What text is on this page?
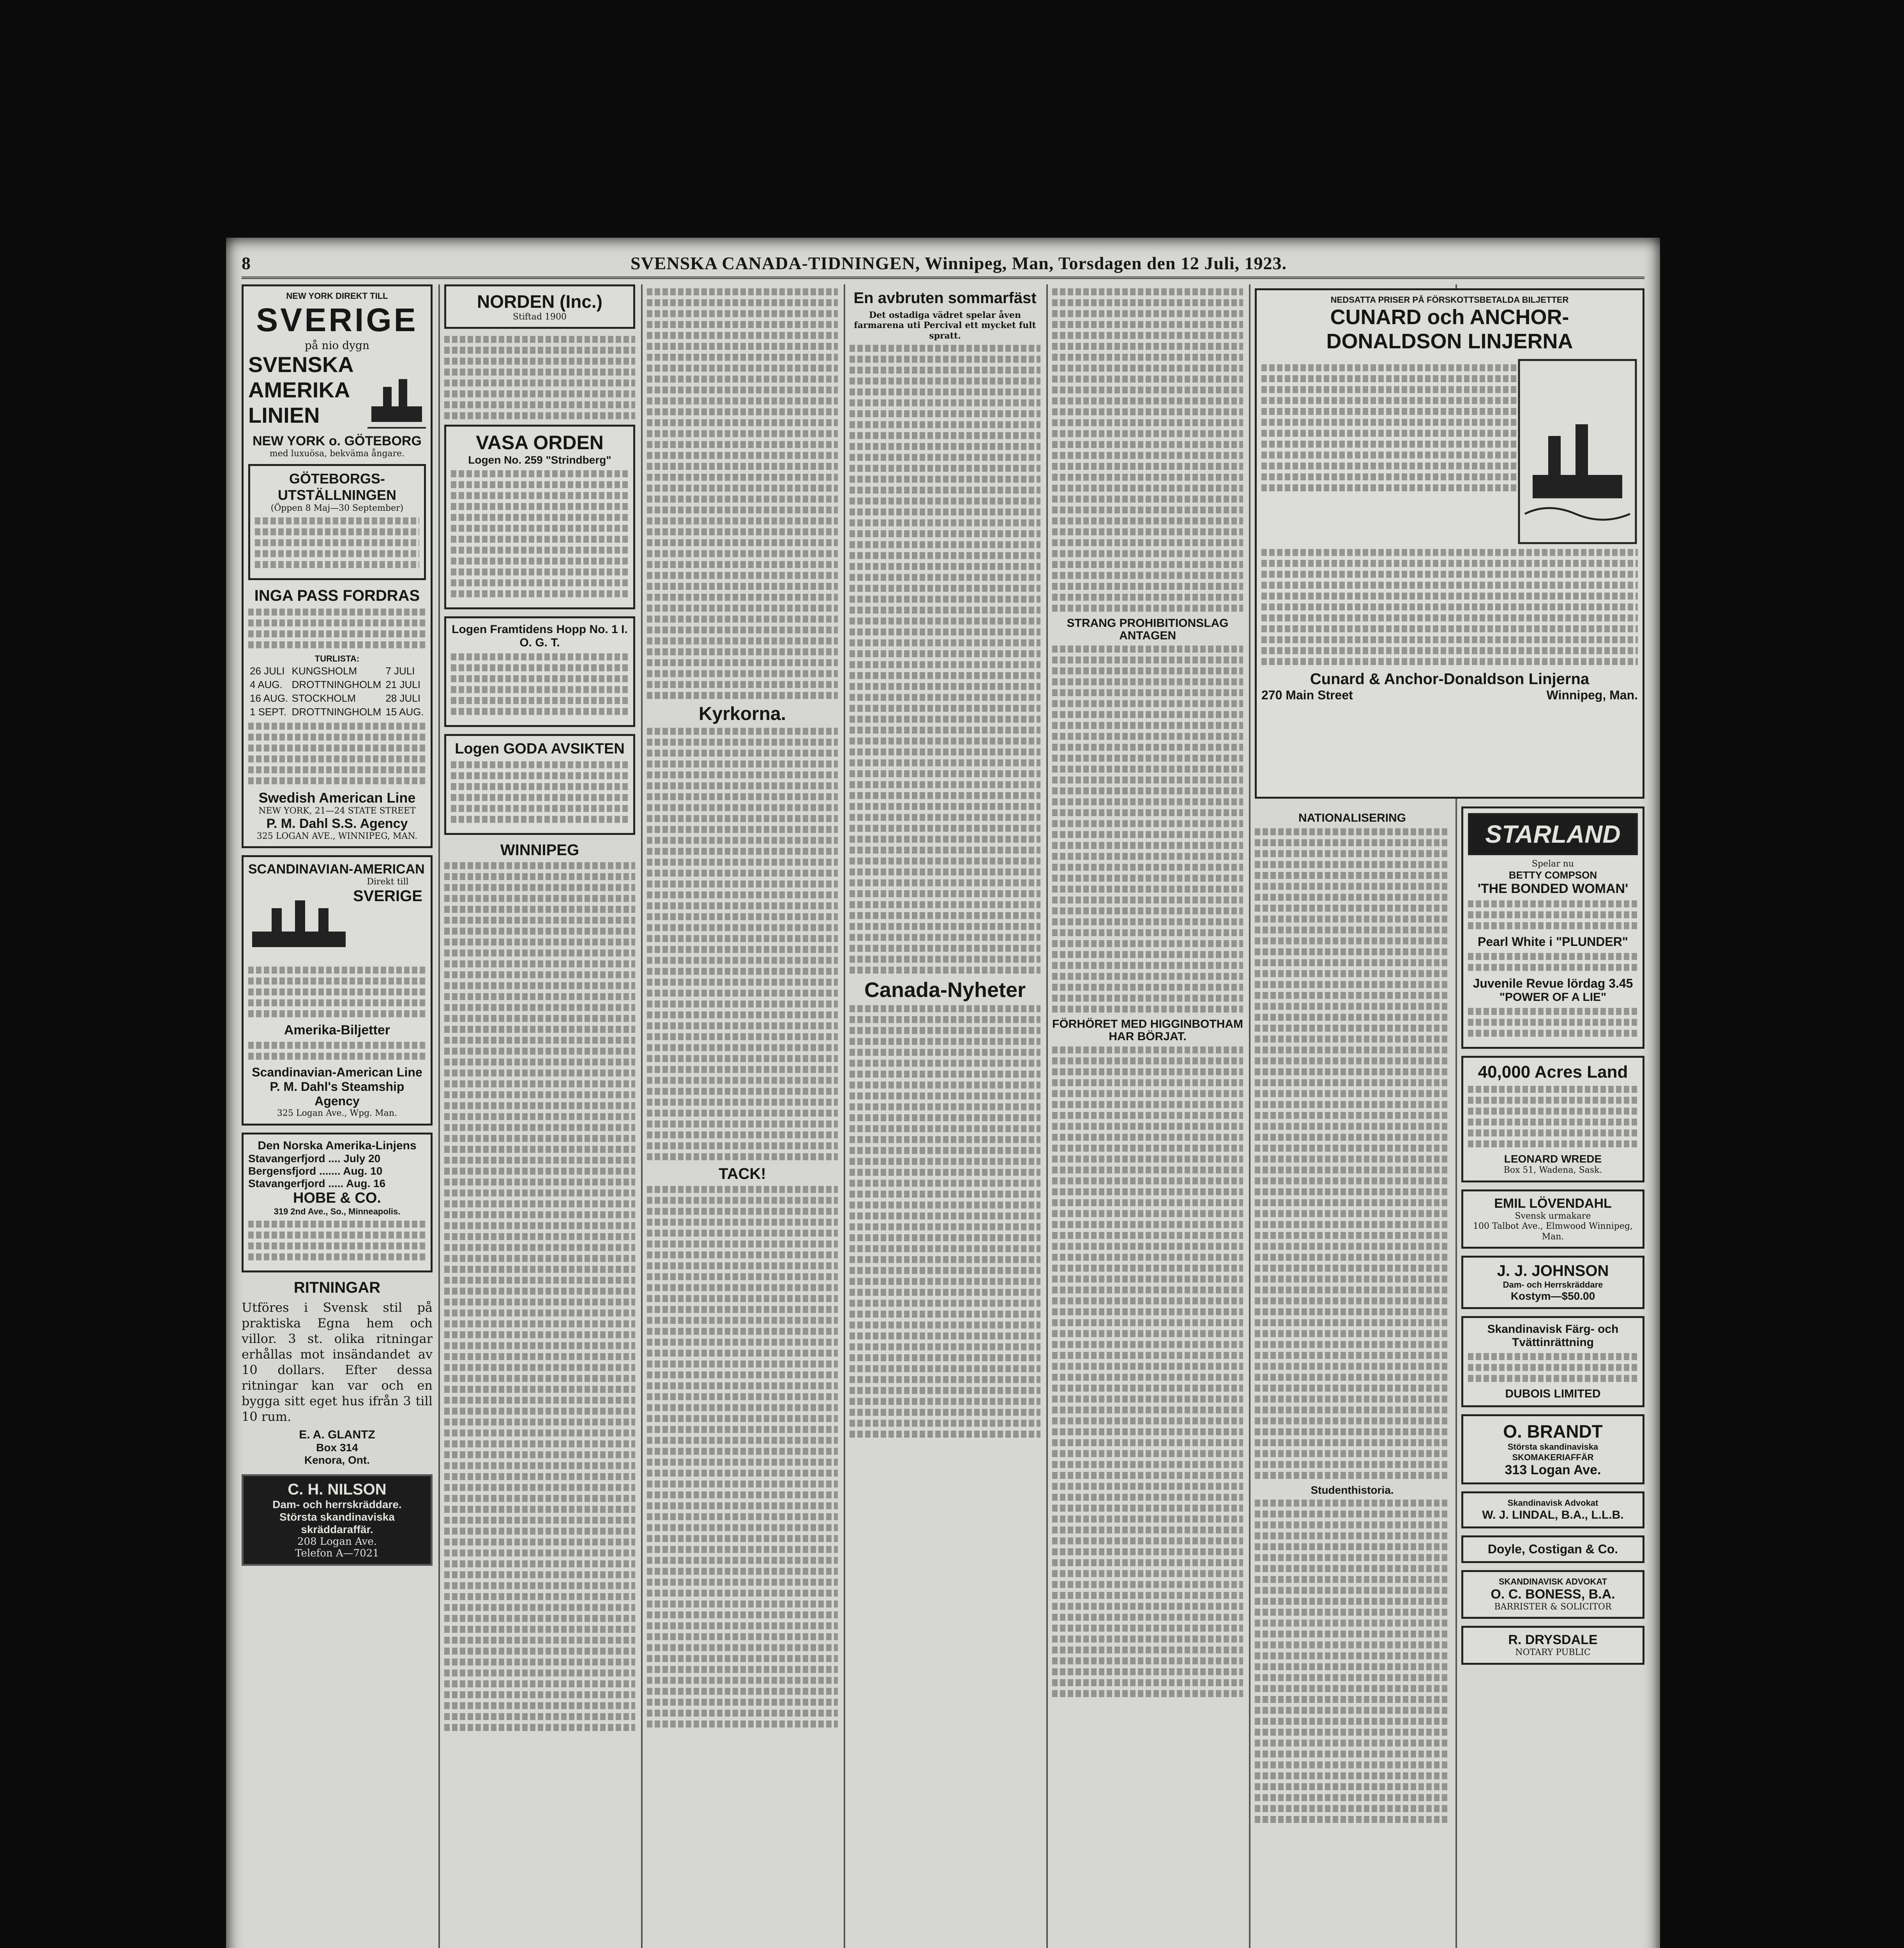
8	SVENSKA CANADA-TIDNINGEN, Winnipeg, Man, Torsdagen den 12 Juli, 1923.
NEW YORK DIREKT TILL
SVERIGE
på nio dygn
SVENSKA
AMERIKA
LINIEN
NEW YORK o. GÖTEBORG
med luxuösa, bekväma ångare.
GÖTEBORGS- UTSTÄLLNINGEN
(Öppen 8 Maj—30 September)
INGA PASS FORDRAS
TURLISTA:
26 JULI	KUNGSHOLM	7 JULI
4 AUG.	DROTTNINGHOLM	21 JULI
16 AUG.	STOCKHOLM	28 JULI
1 SEPT.	DROTTNINGHOLM	15 AUG.
Swedish American Line
NEW YORK, 21—24 STATE STREET
P. M. Dahl S.S. Agency
325 LOGAN AVE., WINNIPEG, MAN.
SCANDINAVIAN-AMERICAN
Direkt till
SVERIGE
Amerika-Biljetter
Scandinavian-American Line
P. M. Dahl's Steamship Agency
325 Logan Ave., Wpg. Man.
Den Norska Amerika-Linjens
Stavangerfjord .... July 20
Bergensfjord ....... Aug. 10
Stavangerfjord ..... Aug. 16
HOBE & CO.
319 2nd Ave., So., Minneapolis.
RITNINGAR

Utföres i Svensk stil på praktiska Egna hem och villor. 3 st. olika ritningar erhållas mot insändandet av 10 dollars. Efter dessa ritningar kan var och en bygga sitt eget hus ifrån 3 till 10 rum.

E. A. GLANTZ
Box 314
Kenora, Ont.
C. H. NILSON
Dam- och herrskräddare.
Största skandinaviska skräddaraffär.
208 Logan Ave.
Telefon A—7021
NORDEN (Inc.)
Stiftad 1900
VASA ORDEN
Logen No. 259 "Strindberg"
Logen Framtidens Hopp No. 1 I. O. G. T.
Logen GODA AVSIKTEN
WINNIPEG
Kyrkorna.
TACK!
En avbruten sommarfäst

Det ostadiga vädret spelar åven farmarena uti Percival ett mycket fult spratt.

Canada-Nyheter
STRANG PROHIBITIONSLAG ANTAGEN
FÖRHÖRET MED HIGGINBOTHAM HAR BÖRJAT.
NEDSATTA PRISER PÅ FÖRSKOTTSBETALDA BILJETTER
CUNARD och ANCHOR-
DONALDSON LINJERNA
Cunard & Anchor-Donaldson Linjerna
270 Main Street	Winnipeg, Man.
NATIONALISERING
Studenthistoria.
STARLAND
Spelar nu
BETTY COMPSON
'THE BONDED WOMAN'
Pearl White i "PLUNDER"
Juvenile Revue lördag 3.45
"POWER OF A LIE"
40,000 Acres Land
LEONARD WREDE
Box 51, Wadena, Sask.
EMIL LÖVENDAHL
Svensk urmakare
100 Talbot Ave., Elmwood Winnipeg, Man.
J. J. JOHNSON
Dam- och Herrskräddare
Kostym—$50.00
Skandinavisk Färg- och Tvättinrättning
DUBOIS LIMITED
O. BRANDT
Största skandinaviska SKOMAKERIAFFÄR
313 Logan Ave.
Skandinavisk Advokat
W. J. LINDAL, B.A., L.L.B.
Doyle, Costigan & Co.
SKANDINAVISK ADVOKAT
O. C. BONESS, B.A.
BARRISTER & SOLICITOR
R. DRYSDALE
NOTARY PUBLIC
